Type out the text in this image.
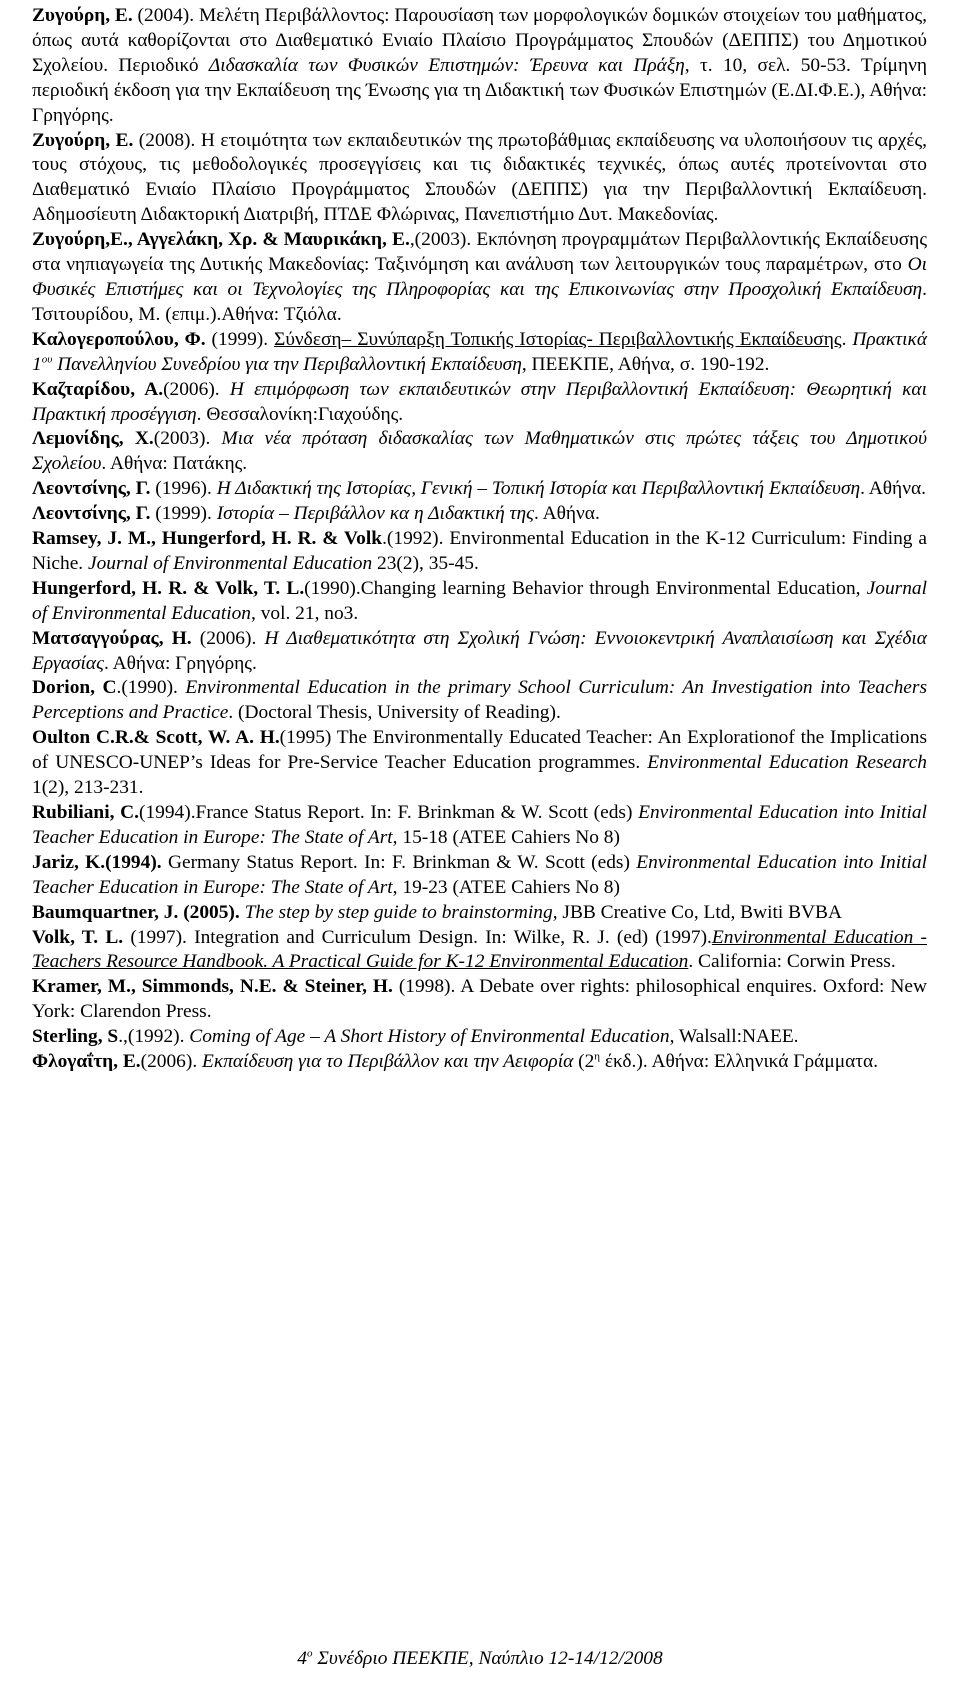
Ζυγούρη, Ε. (2004). Μελέτη Περιβάλλοντος: Παρουσίαση των μορφολογικών δομικών στοιχείων του μαθήματος, όπως αυτά καθορίζονται στο Διαθεματικό Ενιαίο Πλαίσιο Προγράμματος Σπουδών (ΔΕΠΠΣ) του Δημοτικού Σχολείου. Περιοδικό Διδασκαλία των Φυσικών Επιστημών: Έρευνα και Πράξη, τ. 10, σελ. 50-53. Τρίμηνη περιοδική έκδοση για την Εκπαίδευση της Ένωσης για τη Διδακτική των Φυσικών Επιστημών (Ε.ΔΙ.Φ.Ε.), Αθήνα: Γρηγόρης.

Ζυγούρη, Ε. (2008). Η ετοιμότητα των εκπαιδευτικών της πρωτοβάθμιας εκπαίδευσης να υλοποιήσουν τις αρχές, τους στόχους, τις μεθοδολογικές προσεγγίσεις και τις διδακτικές τεχνικές, όπως αυτές προτείνονται στο Διαθεματικό Ενιαίο Πλαίσιο Προγράμματος Σπουδών (ΔΕΠΠΣ) για την Περιβαλλοντική Εκπαίδευση. Αδημοσίευτη Διδακτορική Διατριβή, ΠΤΔΕ Φλώρινας, Πανεπιστήμιο Δυτ. Μακεδονίας.

Ζυγούρη,Ε., Αγγελάκη, Χρ. & Μαυρικάκη, Ε.,(2003). Εκπόνηση προγραμμάτων Περιβαλλοντικής Εκπαίδευσης στα νηπιαγωγεία της Δυτικής Μακεδονίας: Ταξινόμηση και ανάλυση των λειτουργικών τους παραμέτρων, στο Οι Φυσικές Επιστήμες και οι Τεχνολογίες της Πληροφορίας και της Επικοινωνίας στην Προσχολική Εκπαίδευση. Τσιτουρίδου, Μ. (επιμ.).Αθήνα: Τζιόλα.

Καλογεροπούλου, Φ. (1999). Σύνδεση– Συνύπαρξη Τοπικής Ιστορίας- Περιβαλλοντικής Εκπαίδευσης. Πρακτικά $1^{o\upsilon}$ Πανελληνίου Συνεδρίου για την Περιβαλλοντική Εκπαίδευση, ΠΕΕΚΠΕ, Αθήνα, σ. 190-192.

Καζταρίδου, Α.(2006). Η επιμόρφωση των εκπαιδευτικών στην Περιβαλλοντική Εκπαίδευση: Θεωρητική και Πρακτική προσέγγιση. Θεσσαλονίκη:Γιαχούδης.

Λεμονίδης, Χ.(2003). Μια νέα πρόταση διδασκαλίας των Μαθηματικών στις πρώτες τάξεις του Δημοτικού Σχολείου. Αθήνα: Πατάκης.

Λεοντσίνης, Γ. (1996). Η Διδακτική της Ιστορίας, Γενική – Τοπική Ιστορία και Περιβαλλοντική Εκπαίδευση. Αθήνα.

Λεοντσίνης, Γ. (1999). Ιστορία – Περιβάλλον κα η Διδακτική της. Αθήνα.

Ramsey, J. M., Hungerford, H. R. & Volk.(1992). Environmental Education in the K-12 Curriculum: Finding a Niche. Journal of Environmental Education 23(2), 35-45.

Hungerford, H. R. & Volk, T. L.(1990).Changing learning Behavior through Environmental Education, Journal of Environmental Education, vol. 21, no3.

Ματσαγγούρας, Η. (2006). Η Διαθεματικότητα στη Σχολική Γνώση: Εννοιοκεντρική Αναπλαισίωση και Σχέδια Εργασίας. Αθήνα: Γρηγόρης.

Dorion, C.(1990). Environmental Education in the primary School Curriculum: An Investigation into Teachers Perceptions and Practice. (Doctoral Thesis, University of Reading).

Oulton C.R.& Scott, W. A. H.(1995) The Environmentally Educated Teacher: An Explorationof the Implications of UNESCO-UNEP’s Ideas for Pre-Service Teacher Education programmes. Environmental Education Research 1(2), 213-231.

Rubiliani, C.(1994).France Status Report. In: F. Brinkman & W. Scott (eds) Environmental Education into Initial Teacher Education in Europe: The State of Art, 15-18 (ATEE Cahiers No 8)

Jariz, K.(1994). Germany Status Report. In: F. Brinkman & W. Scott (eds) Environmental Education into Initial Teacher Education in Europe: The State of Art, 19-23 (ATEE Cahiers No 8)

Baumquartner, J. (2005). The step by step guide to brainstorming, JBB Creative Co, Ltd, Bwiti BVBA

Volk, T. L. (1997). Integration and Curriculum Design. In: Wilke, R. J. (ed) (1997).Environmental Education - Teachers Resource Handbook. A Practical Guide for K-12 Environmental Education. California: Corwin Press.

Kramer, M., Simmonds, N.E. & Steiner, H. (1998). A Debate over rights: philosophical enquires. Oxford: New York: Clarendon Press.

Sterling, S.,(1992). Coming of Age – A Short History of Environmental Education, Walsall:NAEE.

Φλογαΐτη, Ε.(2006). Εκπαίδευση για το Περιβάλλον και την Αειφορία ($2^\eta$ έκδ.). Αθήνα: Ελληνικά Γράμματα.

$4^o$ Συνέδριο ΠΕΕΚΠΕ, Ναύπλιο 12-14/12/2008
